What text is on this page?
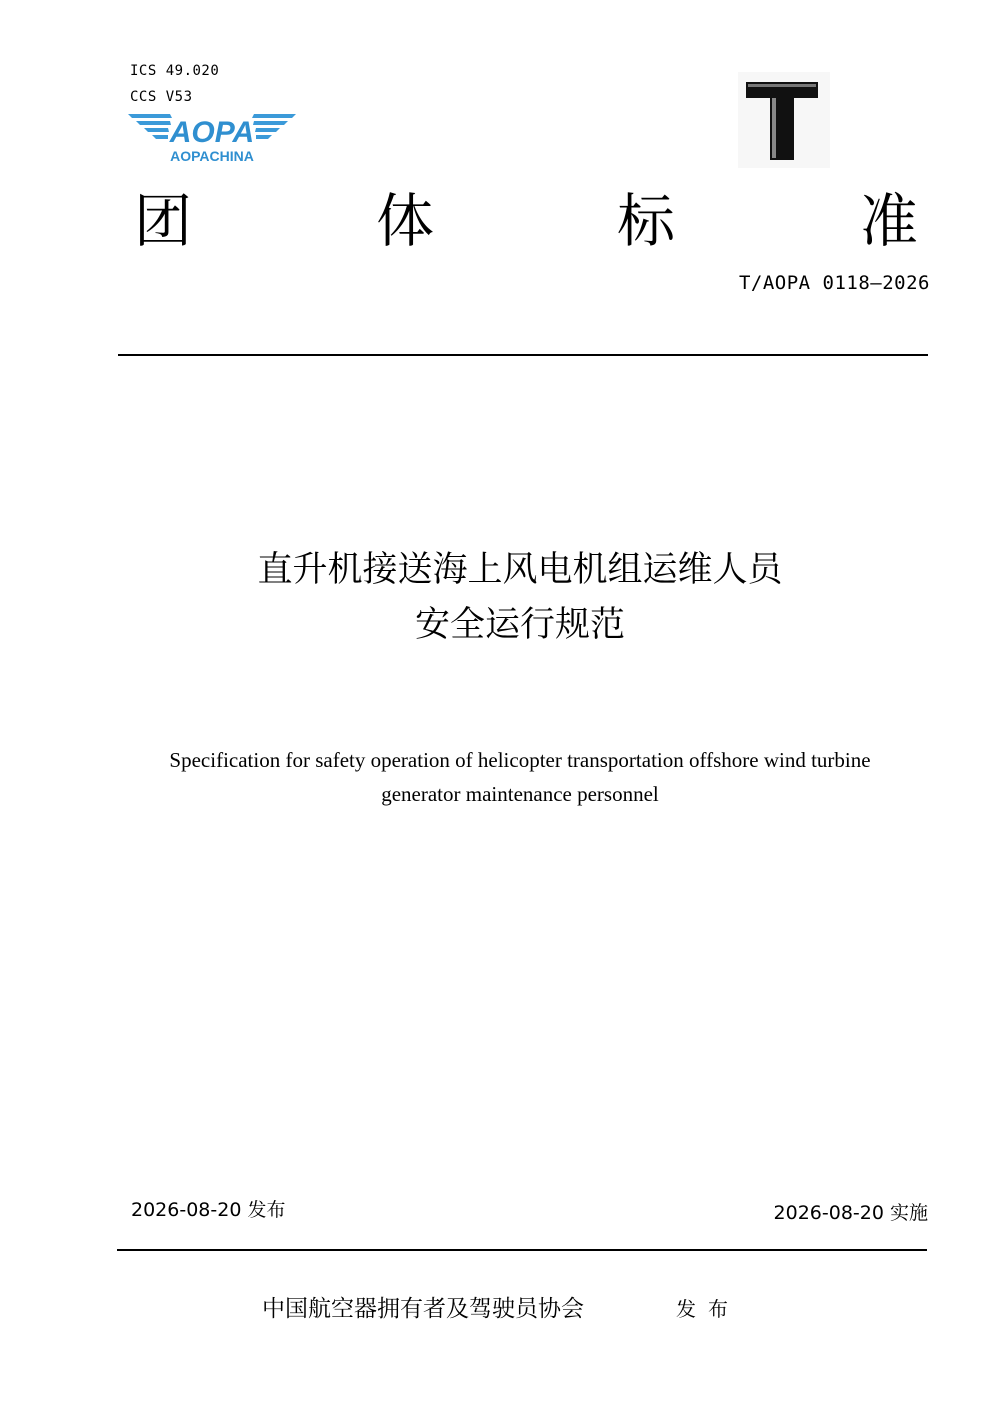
ICS 49.020
CCS V53
AOPA
AOPACHINA
团	体	标	准
T/AOPA 0118—2026
直升机接送海上风电机组运维人员
安全运行规范
Specification for safety operation of helicopter transportation offshore wind turbine
generator maintenance personnel
2026-08-20 发布	2026-08-20 实施
中国航空器拥有者及驾驶员协会	发布
